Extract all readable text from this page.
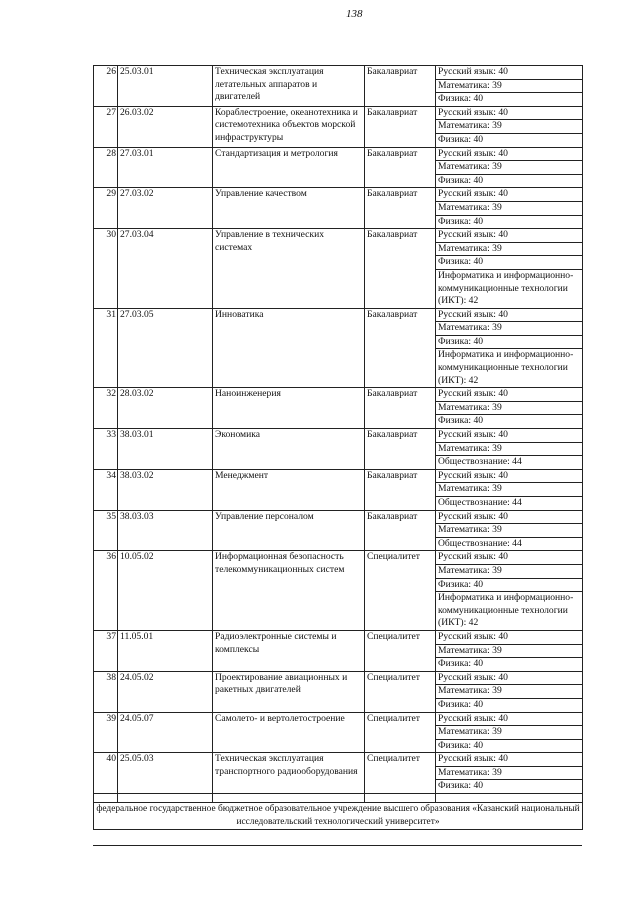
138
26	25.03.01	Техническая эксплуатация летательных аппаратов и двигателей	Бакалавриат	Русский язык: 40
Математика: 39
Физика: 40

27	26.03.02	Кораблестроение, океанотехника и системотехника объектов морской инфраструктуры	Бакалавриат	Русский язык: 40
Математика: 39
Физика: 40

28	27.03.01	Стандартизация и метрология	Бакалавриат	Русский язык: 40
Математика: 39
Физика: 40

29	27.03.02	Управление качеством	Бакалавриат	Русский язык: 40
Математика: 39
Физика: 40

30	27.03.04	Управление в технических системах	Бакалавриат	Русский язык: 40
Математика: 39
Физика: 40
Информатика и информационно-коммуникационные технологии (ИКТ): 42

31	27.03.05	Инноватика	Бакалавриат	Русский язык: 40
Математика: 39
Физика: 40
Информатика и информационно-коммуникационные технологии (ИКТ): 42

32	28.03.02	Наноинженерия	Бакалавриат	Русский язык: 40
Математика: 39
Физика: 40

33	38.03.01	Экономика	Бакалавриат	Русский язык: 40
Математика: 39
Обществознание: 44

34	38.03.02	Менеджмент	Бакалавриат	Русский язык: 40
Математика: 39
Обществознание: 44

35	38.03.03	Управление персоналом	Бакалавриат	Русский язык: 40
Математика: 39
Обществознание: 44

36	10.05.02	Информационная безопасность телекоммуникационных систем	Специалитет	Русский язык: 40
Математика: 39
Физика: 40
Информатика и информационно-коммуникационные технологии (ИКТ): 42

37	11.05.01	Радиоэлектронные системы и комплексы	Специалитет	Русский язык: 40
Математика: 39
Физика: 40

38	24.05.02	Проектирование авиационных и ракетных двигателей	Специалитет	Русский язык: 40
Математика: 39
Физика: 40

39	24.05.07	Самолето- и вертолетостроение	Специалитет	Русский язык: 40
Математика: 39
Физика: 40

40	25.05.03	Техническая эксплуатация транспортного радиооборудования	Специалитет	Русский язык: 40
Математика: 39
Физика: 40

федеральное государственное бюджетное образовательное учреждение высшего образования «Казанский национальный исследовательский технологический университет»				
